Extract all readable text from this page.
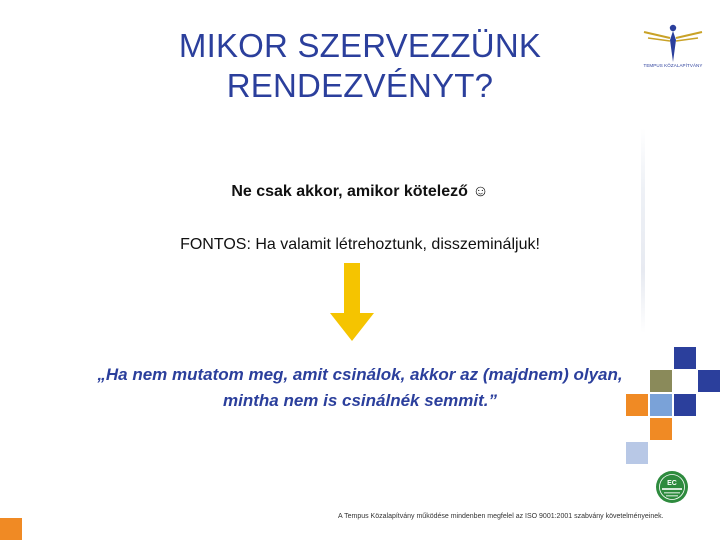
MIKOR SZERVEZZÜNK
RENDEZVÉNYT?
TEMPUS KÖZALAPÍTVÁNY
Ne csak akkor, amikor kötelező ☺
FONTOS: Ha valamit létrehoztunk, disszemináljuk!
„Ha nem mutatom meg, amit csinálok, akkor az (majdnem) olyan,
mintha nem is csinálnék semmit.”
EC
A Tempus Közalapítvány működése mindenben megfelel az ISO 9001:2001 szabvány követelményeinek.
